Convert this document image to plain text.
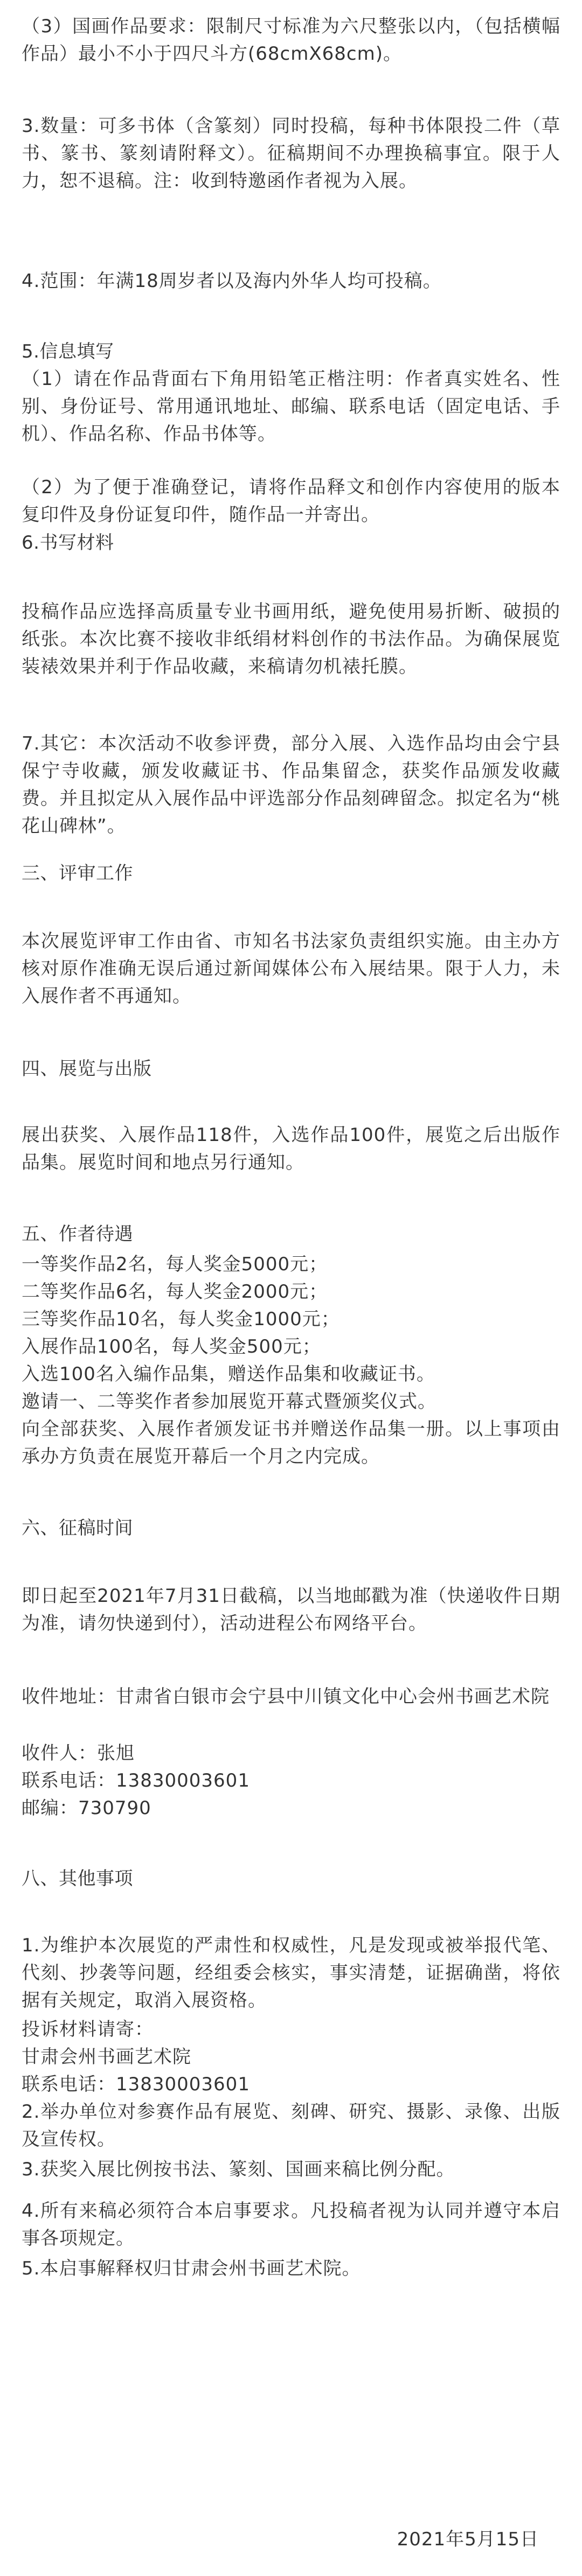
（3）国画作品要求：限制尺寸标准为六尺整张以内，（包括横幅作品）最小不小于四尺斗方(68cmX68cm)。

3.数量：可多书体（含篆刻）同时投稿，每种书体限投二件（草书、篆书、篆刻请附释文）。征稿期间不办理换稿事宜。限于人力，恕不退稿。注：收到特邀函作者视为入展。

4.范围：年满18周岁者以及海内外华人均可投稿。

5.信息填写

（1）请在作品背面右下角用铅笔正楷注明：作者真实姓名、性别、身份证号、常用通讯地址、邮编、联系电话（固定电话、手机）、作品名称、作品书体等。

（2）为了便于准确登记，请将作品释文和创作内容使用的版本复印件及身份证复印件，随作品一并寄出。

6.书写材料

投稿作品应选择高质量专业书画用纸，避免使用易折断、破损的纸张。本次比赛不接收非纸绢材料创作的书法作品。为确保展览装裱效果并利于作品收藏，来稿请勿机裱托膜。

7.其它：本次活动不收参评费，部分入展、入选作品均由会宁县保宁寺收藏，颁发收藏证书、作品集留念，获奖作品颁发收藏费。并且拟定从入展作品中评选部分作品刻碑留念。拟定名为“桃花山碑林”。

三、评审工作

本次展览评审工作由省、市知名书法家负责组织实施。由主办方核对原作准确无误后通过新闻媒体公布入展结果。限于人力，未入展作者不再通知。

四、展览与出版

展出获奖、入展作品118件，入选作品100件，展览之后出版作品集。展览时间和地点另行通知。

五、作者待遇

一等奖作品2名，每人奖金5000元；

二等奖作品6名，每人奖金2000元；

三等奖作品10名，每人奖金1000元；

入展作品100名，每人奖金500元；

入选100名入编作品集，赠送作品集和收藏证书。

邀请一、二等奖作者参加展览开幕式暨颁奖仪式。

向全部获奖、入展作者颁发证书并赠送作品集一册。以上事项由承办方负责在展览开幕后一个月之内完成。

六、征稿时间

即日起至2021年7月31日截稿，以当地邮戳为准（快递收件日期为准，请勿快递到付），活动进程公布网络平台。

收件地址：甘肃省白银市会宁县中川镇文化中心会州书画艺术院

收件人：张旭

联系电话：13830003601

邮编：730790

八、其他事项

1.为维护本次展览的严肃性和权威性，凡是发现或被举报代笔、代刻、抄袭等问题，经组委会核实，事实清楚，证据确凿，将依据有关规定，取消入展资格。

投诉材料请寄：

甘肃会州书画艺术院

联系电话：13830003601

2.举办单位对参赛作品有展览、刻碑、研究、摄影、录像、出版及宣传权。

3.获奖入展比例按书法、篆刻、国画来稿比例分配。

4.所有来稿必须符合本启事要求。凡投稿者视为认同并遵守本启事各项规定。

5.本启事解释权归甘肃会州书画艺术院。

2021年5月15日
